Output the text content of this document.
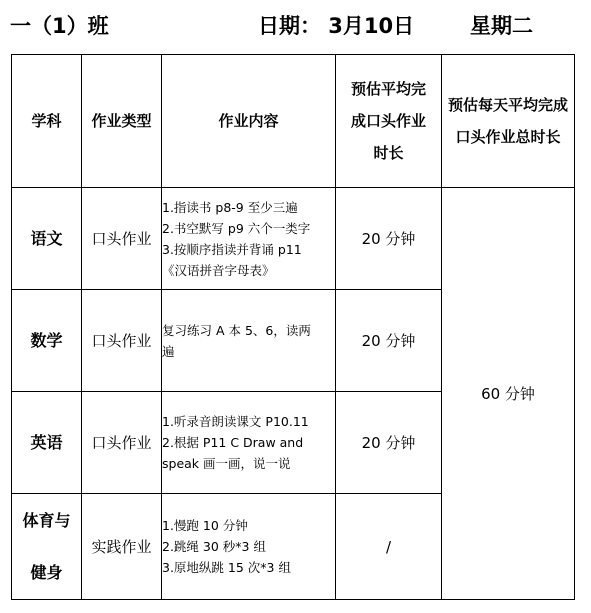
一（1）班	日期： 3月10日	星期二
学科	作业类型	作业内容	预估平均完
成口头作业
时长	预估每天平均完成
口头作业总时长

语文	口头作业	1.指读书 p8-9 至少三遍
2.书空默写 p9 六个一类字
3.按顺序指读并背诵 p11
《汉语拼音字母表》	20 分钟	60 分钟

数学	口头作业	复习练习 A 本 5、6，读两
遍	20 分钟	

英语	口头作业	1.听录音朗读课文 P10.11
2.根据 P11 C Draw and
speak 画一画，说一说	20 分钟	

体育与
健身	实践作业	1.慢跑 10 分钟
2.跳绳 30 秒*3 组
3.原地纵跳 15 次*3 组	/	
